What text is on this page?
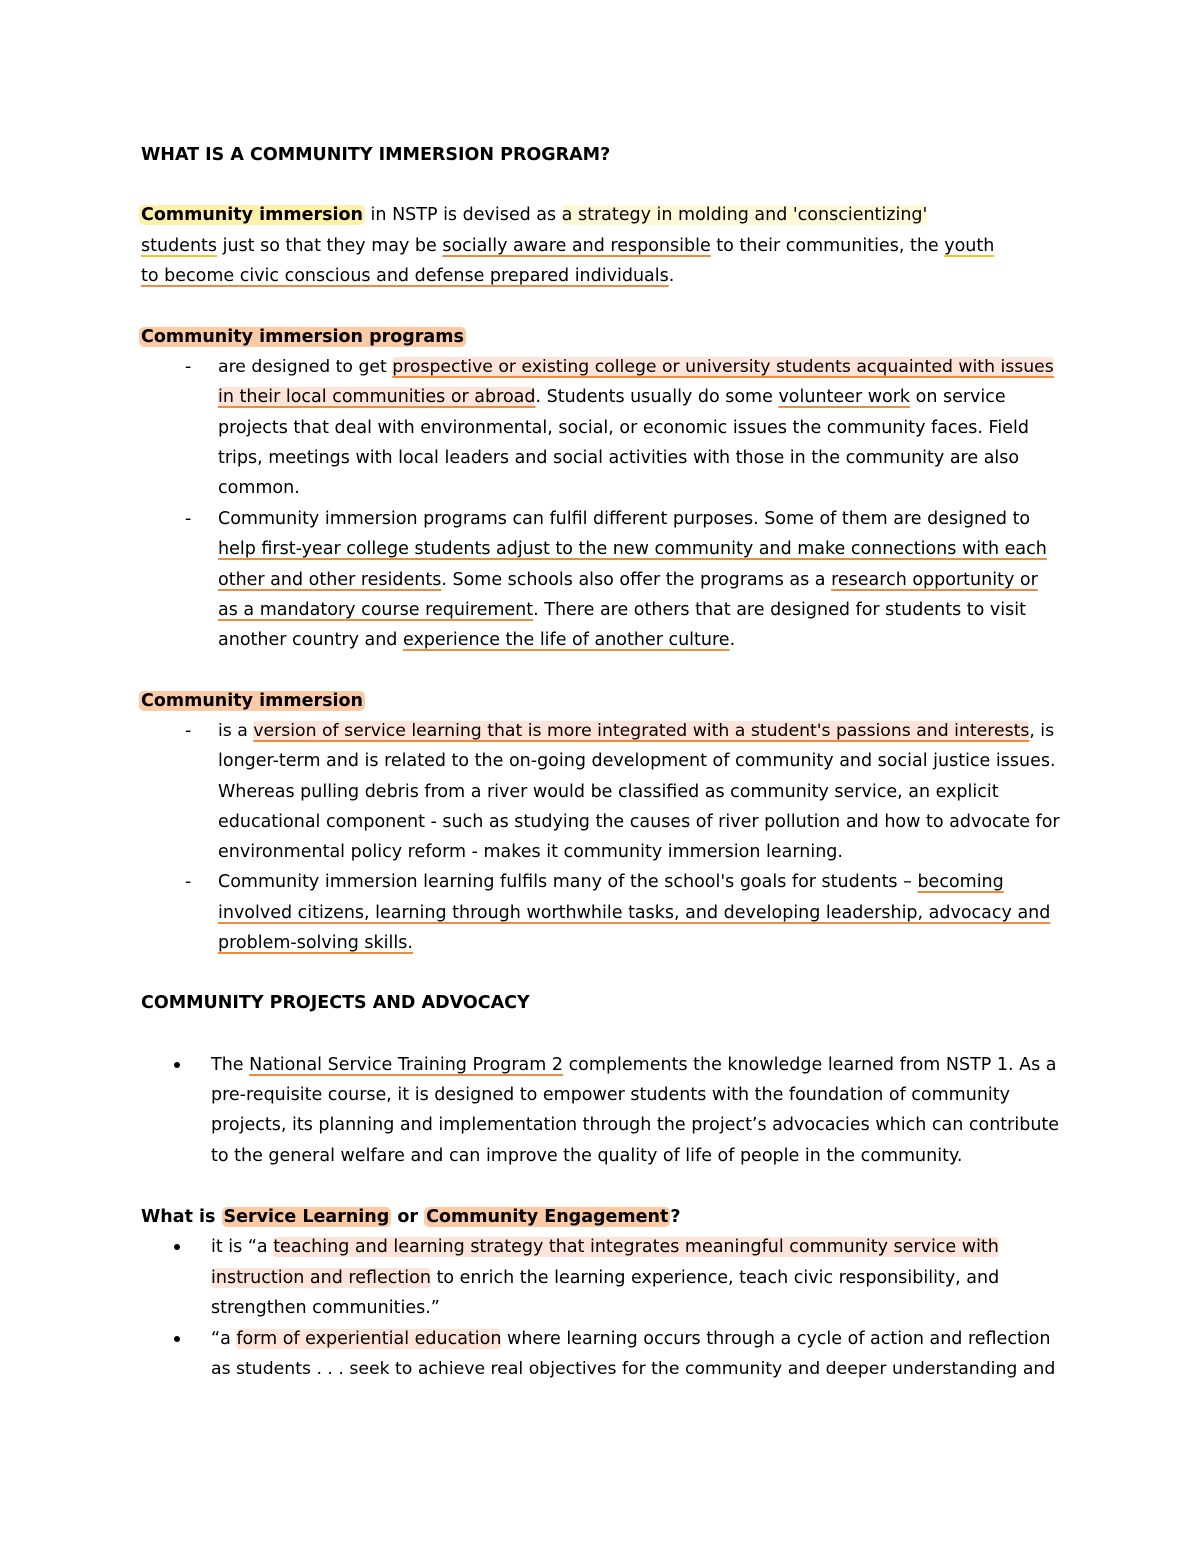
WHAT IS A COMMUNITY IMMERSION PROGRAM?
Community immersion in NSTP is devised as a strategy in molding and 'conscientizing'
students just so that they may be socially aware and responsible to their communities, the youth
to become civic conscious and defense prepared individuals.
Community immersion programs
- are designed to get prospective or existing college or university students acquainted with issues
in their local communities or abroad. Students usually do some volunteer work on service
projects that deal with environmental, social, or economic issues the community faces. Field
trips, meetings with local leaders and social activities with those in the community are also
common.
- Community immersion programs can fulfil different purposes. Some of them are designed to
help first-year college students adjust to the new community and make connections with each
other and other residents. Some schools also offer the programs as a research opportunity or
as a mandatory course requirement. There are others that are designed for students to visit
another country and experience the life of another culture.
Community immersion
- is a version of service learning that is more integrated with a student's passions and interests, is
longer-term and is related to the on-going development of community and social justice issues.
Whereas pulling debris from a river would be classified as community service, an explicit
educational component - such as studying the causes of river pollution and how to advocate for
environmental policy reform - makes it community immersion learning.
- Community immersion learning fulfils many of the school's goals for students – becoming
involved citizens, learning through worthwhile tasks, and developing leadership, advocacy and
problem-solving skills.
COMMUNITY PROJECTS AND ADVOCACY
The National Service Training Program 2 complements the knowledge learned from NSTP 1. As a
pre-requisite course, it is designed to empower students with the foundation of community
projects, its planning and implementation through the project’s advocacies which can contribute
to the general welfare and can improve the quality of life of people in the community.
What is Service Learning or Community Engagement ?
it is “a teaching and learning strategy that integrates meaningful community service with
instruction and reflection to enrich the learning experience, teach civic responsibility, and
strengthen communities.”
“a form of experiential education where learning occurs through a cycle of action and reflection
as students . . . seek to achieve real objectives for the community and deeper understanding and
